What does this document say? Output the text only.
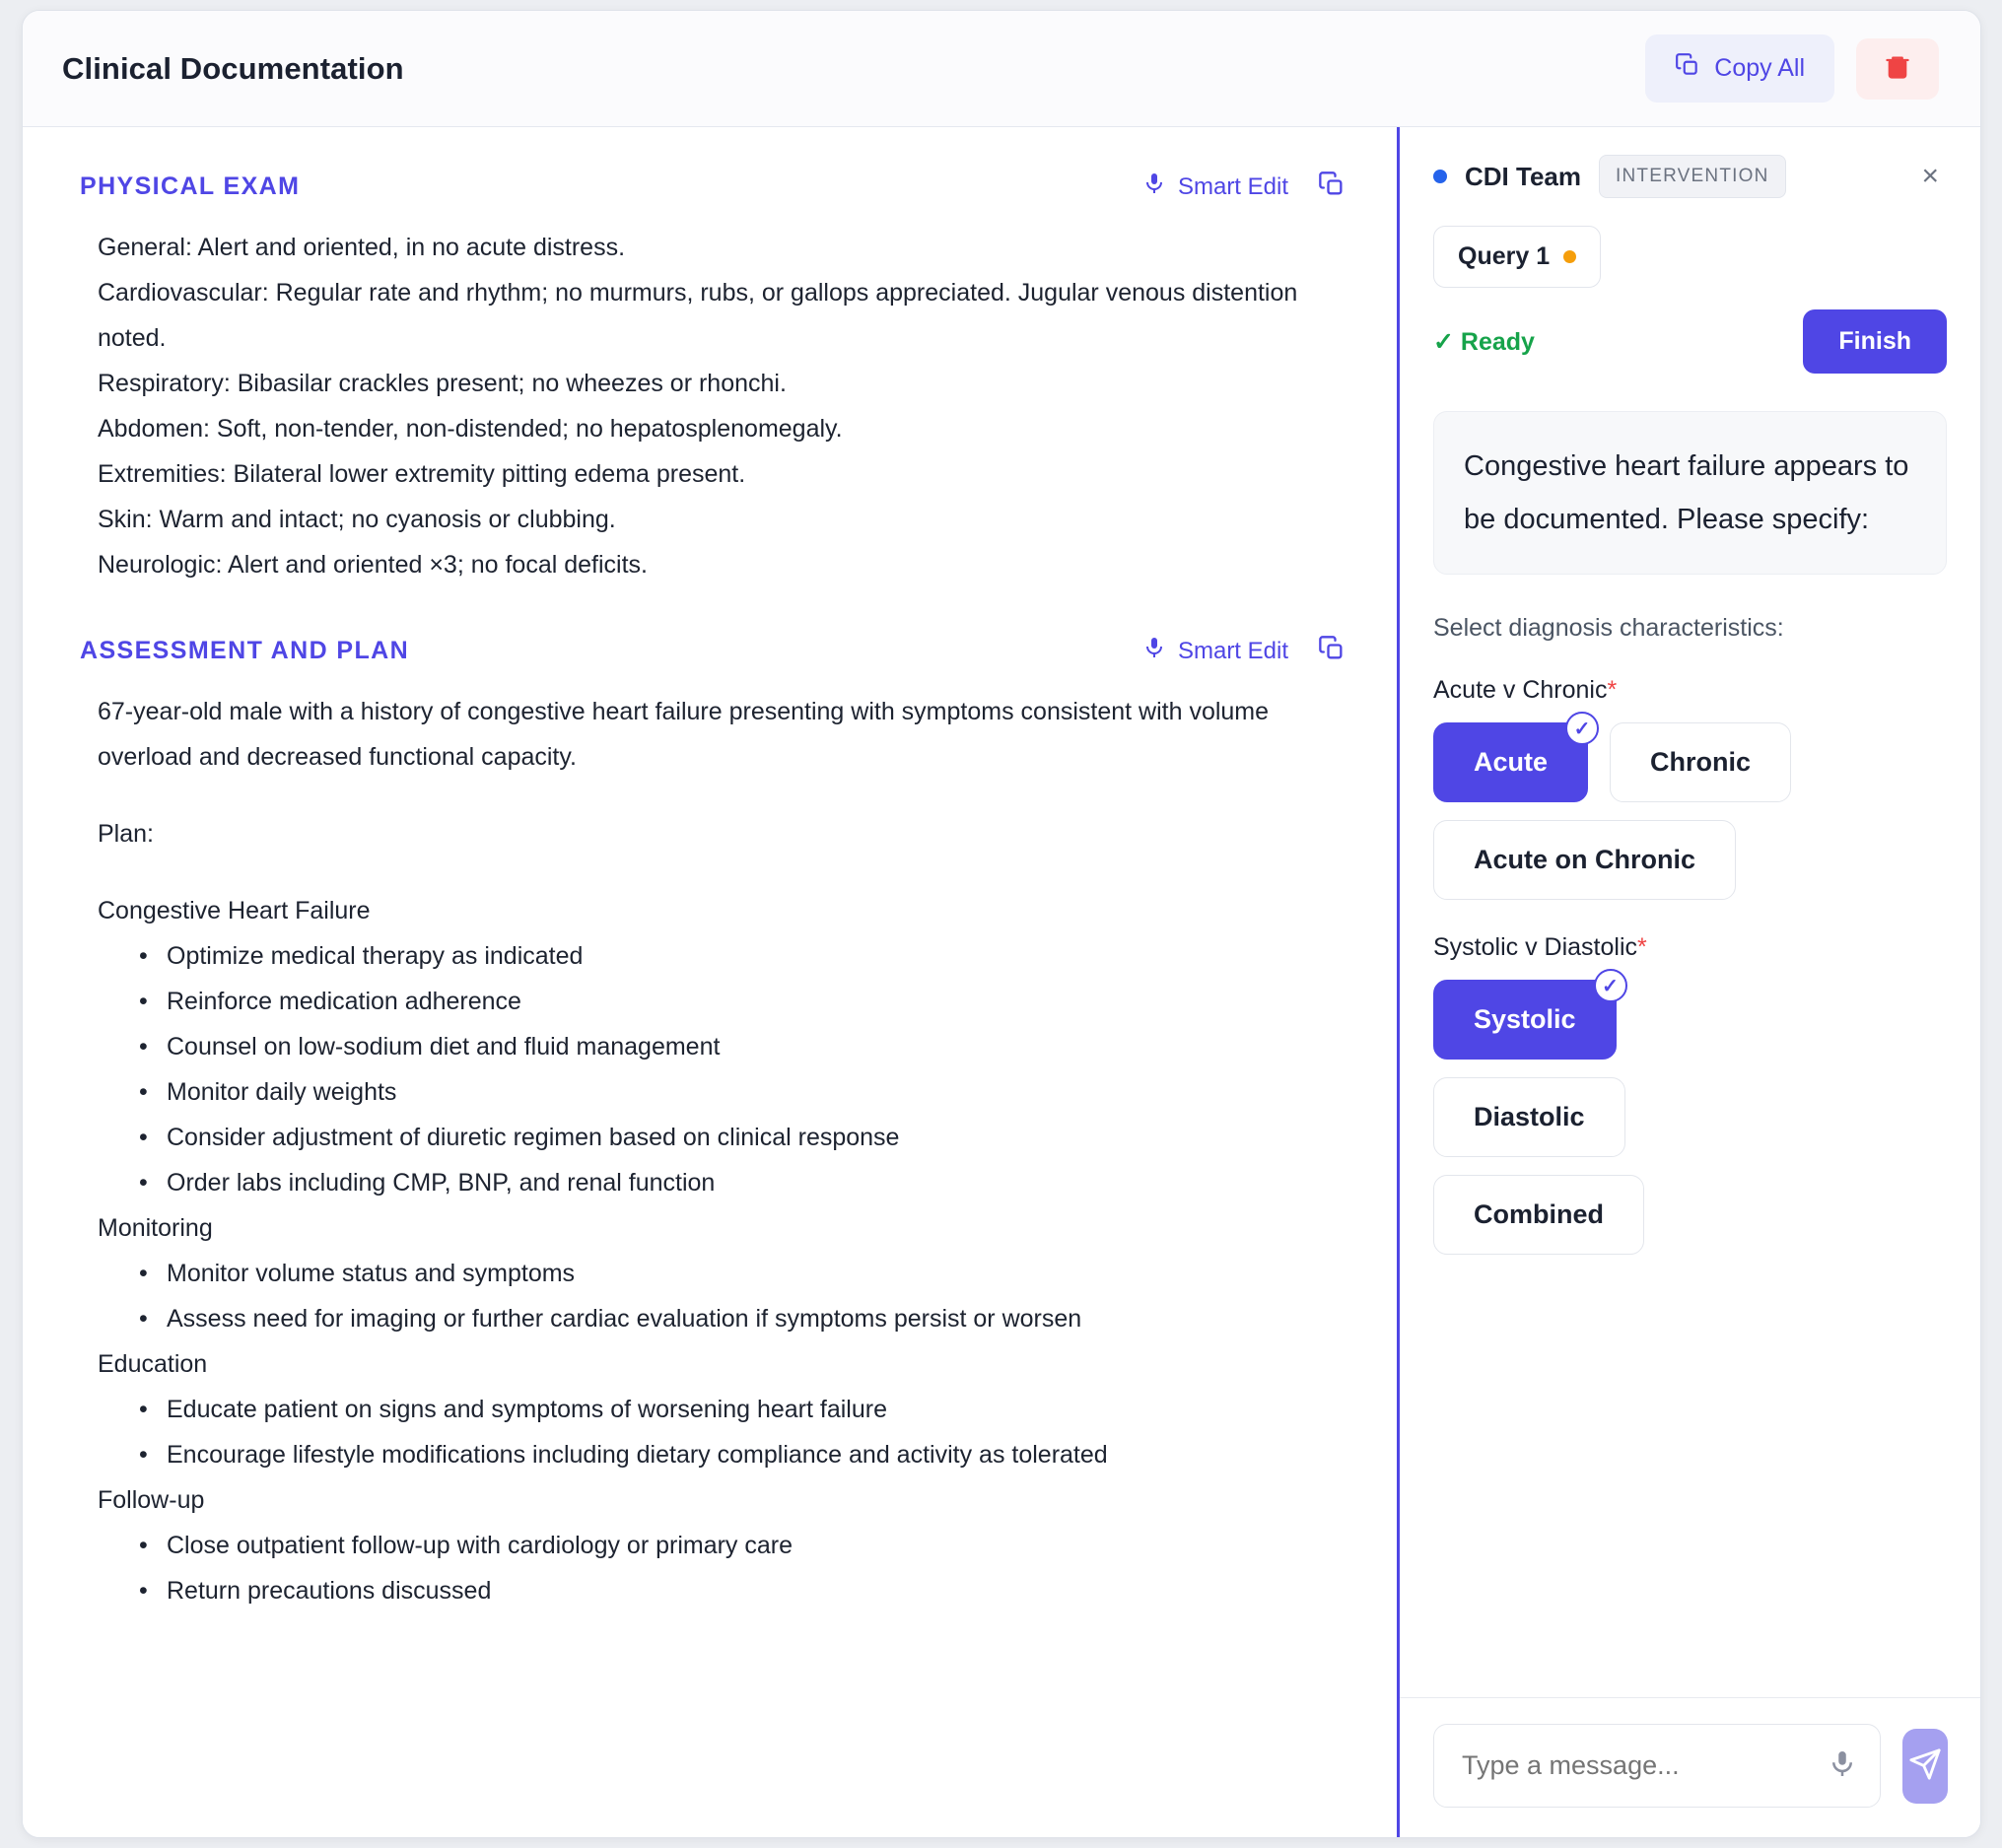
Clinical Documentation	Copy All
PHYSICAL EXAM	Smart Edit

General: Alert and oriented, in no acute distress.

Cardiovascular: Regular rate and rhythm; no murmurs, rubs, or gallops appreciated. Jugular venous distention noted.

Respiratory: Bibasilar crackles present; no wheezes or rhonchi.

Abdomen: Soft, non-tender, non-distended; no hepatosplenomegaly.

Extremities: Bilateral lower extremity pitting edema present.

Skin: Warm and intact; no cyanosis or clubbing.

Neurologic: Alert and oriented ×3; no focal deficits.

ASSESSMENT AND PLAN	Smart Edit

67-year-old male with a history of congestive heart failure presenting with symptoms consistent with volume overload and decreased functional capacity.

Plan:

Congestive Heart Failure

• Optimize medical therapy as indicated
• Reinforce medication adherence
• Counsel on low-sodium diet and fluid management
• Monitor daily weights
• Consider adjustment of diuretic regimen based on clinical response
• Order labs including CMP, BNP, and renal function

Monitoring

• Monitor volume status and symptoms
• Assess need for imaging or further cardiac evaluation if symptoms persist or worsen

Education

• Educate patient on signs and symptoms of worsening heart failure
• Encourage lifestyle modifications including dietary compliance and activity as tolerated

Follow-up

• Close outpatient follow-up with cardiology or primary care
• Return precautions discussed
CDI Team	INTERVENTION	×
Query 1
✓ Ready	Finish
Congestive heart failure appears to be documented. Please specify:
Select diagnosis characteristics:
Acute v Chronic*
Acute
✓
Chronic
Acute on Chronic
Systolic v Diastolic*
Systolic
✓
Diastolic
Combined
Type a message...
